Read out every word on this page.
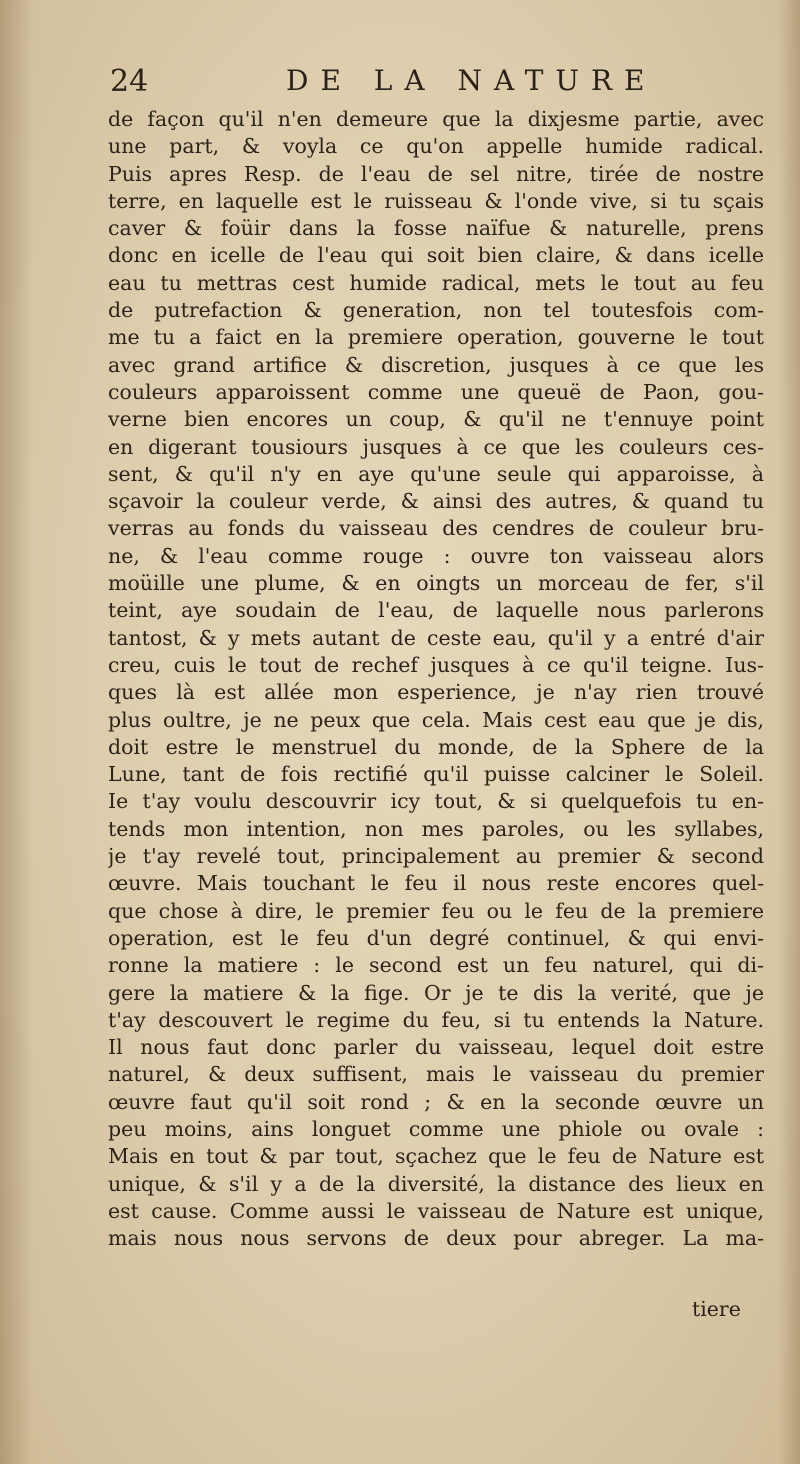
24	DE LA NATURE
de façon qu'il n'en demeure que la dixjesme partie, avec
une part, & voyla ce qu'on appelle humide radical.
Puis apres Resp. de l'eau de sel nitre, tirée de nostre
terre, en laquelle est le ruisseau & l'onde vive, si tu sçais
caver & foüir dans la fosse naïfue & naturelle, prens
donc en icelle de l'eau qui soit bien claire, & dans icelle
eau tu mettras cest humide radical, mets le tout au feu
de putrefaction & generation, non tel toutesfois com-
me tu a faict en la premiere operation, gouverne le tout
avec grand artifice & discretion, jusques à ce que les
couleurs apparoissent comme une queuë de Paon, gou-
verne bien encores un coup, & qu'il ne t'ennuye point
en digerant tousiours jusques à ce que les couleurs ces-
sent, & qu'il n'y en aye qu'une seule qui apparoisse, à
sçavoir la couleur verde, & ainsi des autres, & quand tu
verras au fonds du vaisseau des cendres de couleur bru-
ne, & l'eau comme rouge : ouvre ton vaisseau alors
moüille une plume, & en oingts un morceau de fer, s'il
teint, aye soudain de l'eau, de laquelle nous parlerons
tantost, & y mets autant de ceste eau, qu'il y a entré d'air
creu, cuis le tout de rechef jusques à ce qu'il teigne. Ius-
ques là est allée mon esperience, je n'ay rien trouvé
plus oultre, je ne peux que cela. Mais cest eau que je dis,
doit estre le menstruel du monde, de la Sphere de la
Lune, tant de fois rectifié qu'il puisse calciner le Soleil.
Ie t'ay voulu descouvrir icy tout, & si quelquefois tu en-
tends mon intention, non mes paroles, ou les syllabes,
je t'ay revelé tout, principalement au premier & second
œuvre. Mais touchant le feu il nous reste encores quel-
que chose à dire, le premier feu ou le feu de la premiere
operation, est le feu d'un degré continuel, & qui envi-
ronne la matiere : le second est un feu naturel, qui di-
gere la matiere & la fige. Or je te dis la verité, que je
t'ay descouvert le regime du feu, si tu entends la Nature.
Il nous faut donc parler du vaisseau, lequel doit estre
naturel, & deux suffisent, mais le vaisseau du premier
œuvre faut qu'il soit rond ; & en la seconde œuvre un
peu moins, ains longuet comme une phiole ou ovale :
Mais en tout & par tout, sçachez que le feu de Nature est
unique, & s'il y a de la diversité, la distance des lieux en
est cause. Comme aussi le vaisseau de Nature est unique,
mais nous nous servons de deux pour abreger. La ma-
tiere
